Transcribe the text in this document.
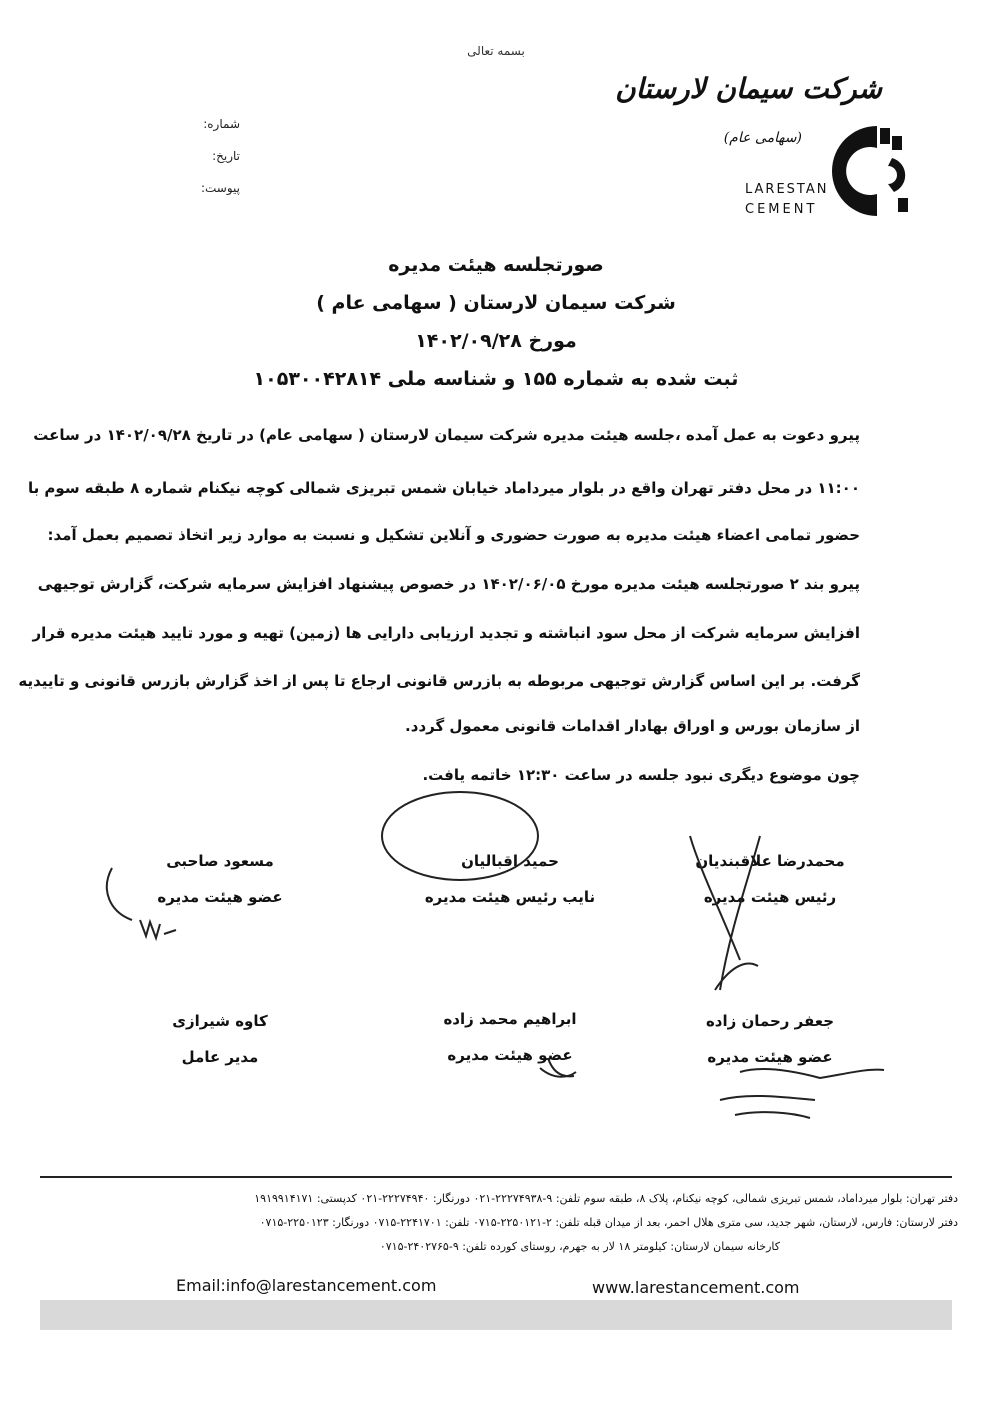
بسمه تعالی
شماره:
تاریخ:
پیوست:
شرکت سیمان لارستان
(سهامی عام)
LARESTAN
CEMENT
صورتجلسه هیئت مدیره
شرکت سیمان لارستان ( سهامی عام )
مورخ ۱۴۰۲/۰۹/۲۸
ثبت شده به شماره ۱۵۵ و شناسه ملی ۱۰۵۳۰۰۴۲۸۱۴
پیرو دعوت به عمل آمده ،جلسه هیئت مدیره شرکت سیمان لارستان ( سهامی عام) در تاریخ ۱۴۰۲/۰۹/۲۸ در ساعت
۱۱:۰۰ در محل دفتر تهران واقع در بلوار میرداماد خیابان شمس تبریزی شمالی کوچه نیکنام شماره ۸ طبقه سوم با
حضور تمامی اعضاء هیئت مدیره به صورت حضوری و آنلاین تشکیل و نسبت به موارد زیر اتخاذ تصمیم بعمل آمد:
پیرو بند ۲ صورتجلسه هیئت مدیره مورخ ۱۴۰۲/۰۶/۰۵ در خصوص پیشنهاد افزایش سرمایه شرکت، گزارش توجیهی
افزایش سرمایه شرکت از محل سود انباشته و تجدید ارزیابی دارایی ها (زمین) تهیه و مورد تایید هیئت مدیره قرار
گرفت. بر این اساس گزارش توجیهی مربوطه به بازرس قانونی ارجاع تا پس از اخذ گزارش بازرس قانونی و تاییدیه
از سازمان بورس و اوراق بهادار اقدامات قانونی معمول گردد.
چون موضوع دیگری نبود جلسه در ساعت ۱۲:۳۰ خاتمه یافت.
محمدرضا علاقبندیان
رئیس هیئت مدیره
حمید اقبالیان
نایب رئیس هیئت مدیره
مسعود صاحبی
عضو هیئت مدیره
جعفر رحمان زاده
عضو هیئت مدیره
ابراهیم محمد زاده
عضو هیئت مدیره
کاوه شیرازی
مدیر عامل
دفتر تهران: بلوار میرداماد، شمس تبریزی شمالی، کوچه نیکنام، پلاک ۸، طبقه سوم تلفن: ۹-۲۲۲۷۴۹۳۸-۰۲۱ دورنگار: ۲۲۲۷۴۹۴۰-۰۲۱ کدپستی: ۱۹۱۹۹۱۴۱۷۱
دفتر لارستان: فارس، لارستان، شهر جدید، سی متری هلال احمر، بعد از میدان قبله تلفن: ۲-۲۲۵۰۱۲۱-۰۷۱۵ تلفن: ۲۲۴۱۷۰۱-۰۷۱۵ دورنگار: ۲۲۵۰۱۲۳-۰۷۱۵
کارخانه سیمان لارستان: کیلومتر ۱۸ لار به جهرم، روستای کورده تلفن: ۹-۲۴۰۲۷۶۵-۰۷۱۵
Email:info@larestancement.com	www.larestancement.com
